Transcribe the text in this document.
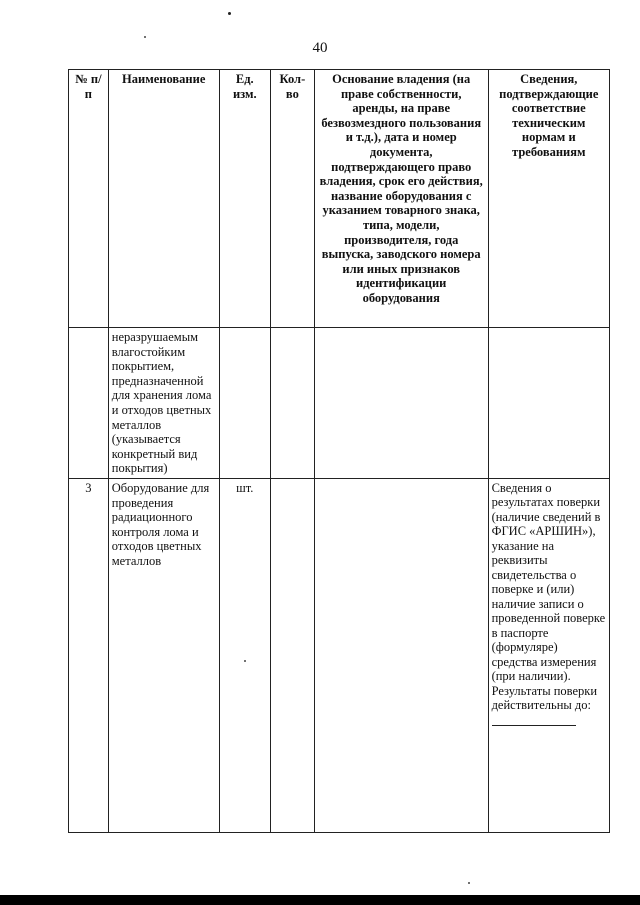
40
№ п/п	Наименование	Ед. изм.	Кол-во	Основание владения (на праве собственности, аренды, на праве безвозмездного пользования и т.д.), дата и номер документа, подтверждающего право владения, срок его действия, название оборудования с указанием товарного знака, типа, модели, производителя, года выпуска, заводского номера или иных признаков идентификации оборудования	Сведения, подтверждающие соответствие техническим нормам и требованиям
	неразрушаемым влагостойким покрытием, предназначенной для хранения лома и отходов цветных металлов (указывается конкретный вид покрытия)				
3	Оборудование для проведения радиационного контроля лома и отходов цветных металлов	шт.			Сведения о результатах поверки (наличие сведений в ФГИС «АРШИН»), указание на реквизиты свидетельства о поверке и (или) наличие записи о проведенной поверке в паспорте (формуляре) средства измерения (при наличии). Результаты поверки действительны до:
